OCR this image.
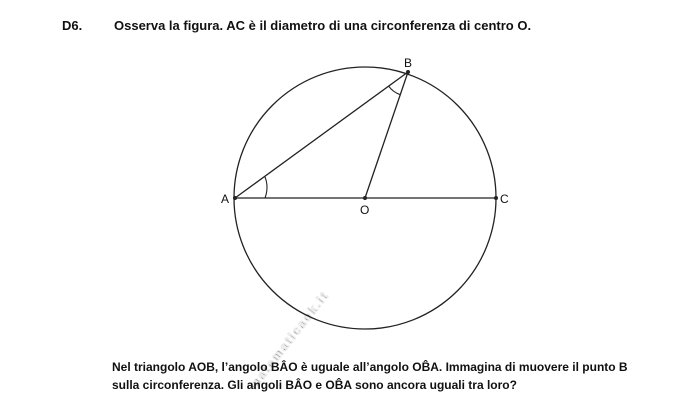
matematicaok.it
A
B
C
O
D6. Osserva la figura. AC è il diametro di una circonferenza di centro O.
Nel triangolo AOB, l’angolo BÂO è uguale all’angolo OB̂A. Immagina di muovere il punto B
sulla circonferenza. Gli angoli BÂO e OB̂A sono ancora uguali tra loro?
